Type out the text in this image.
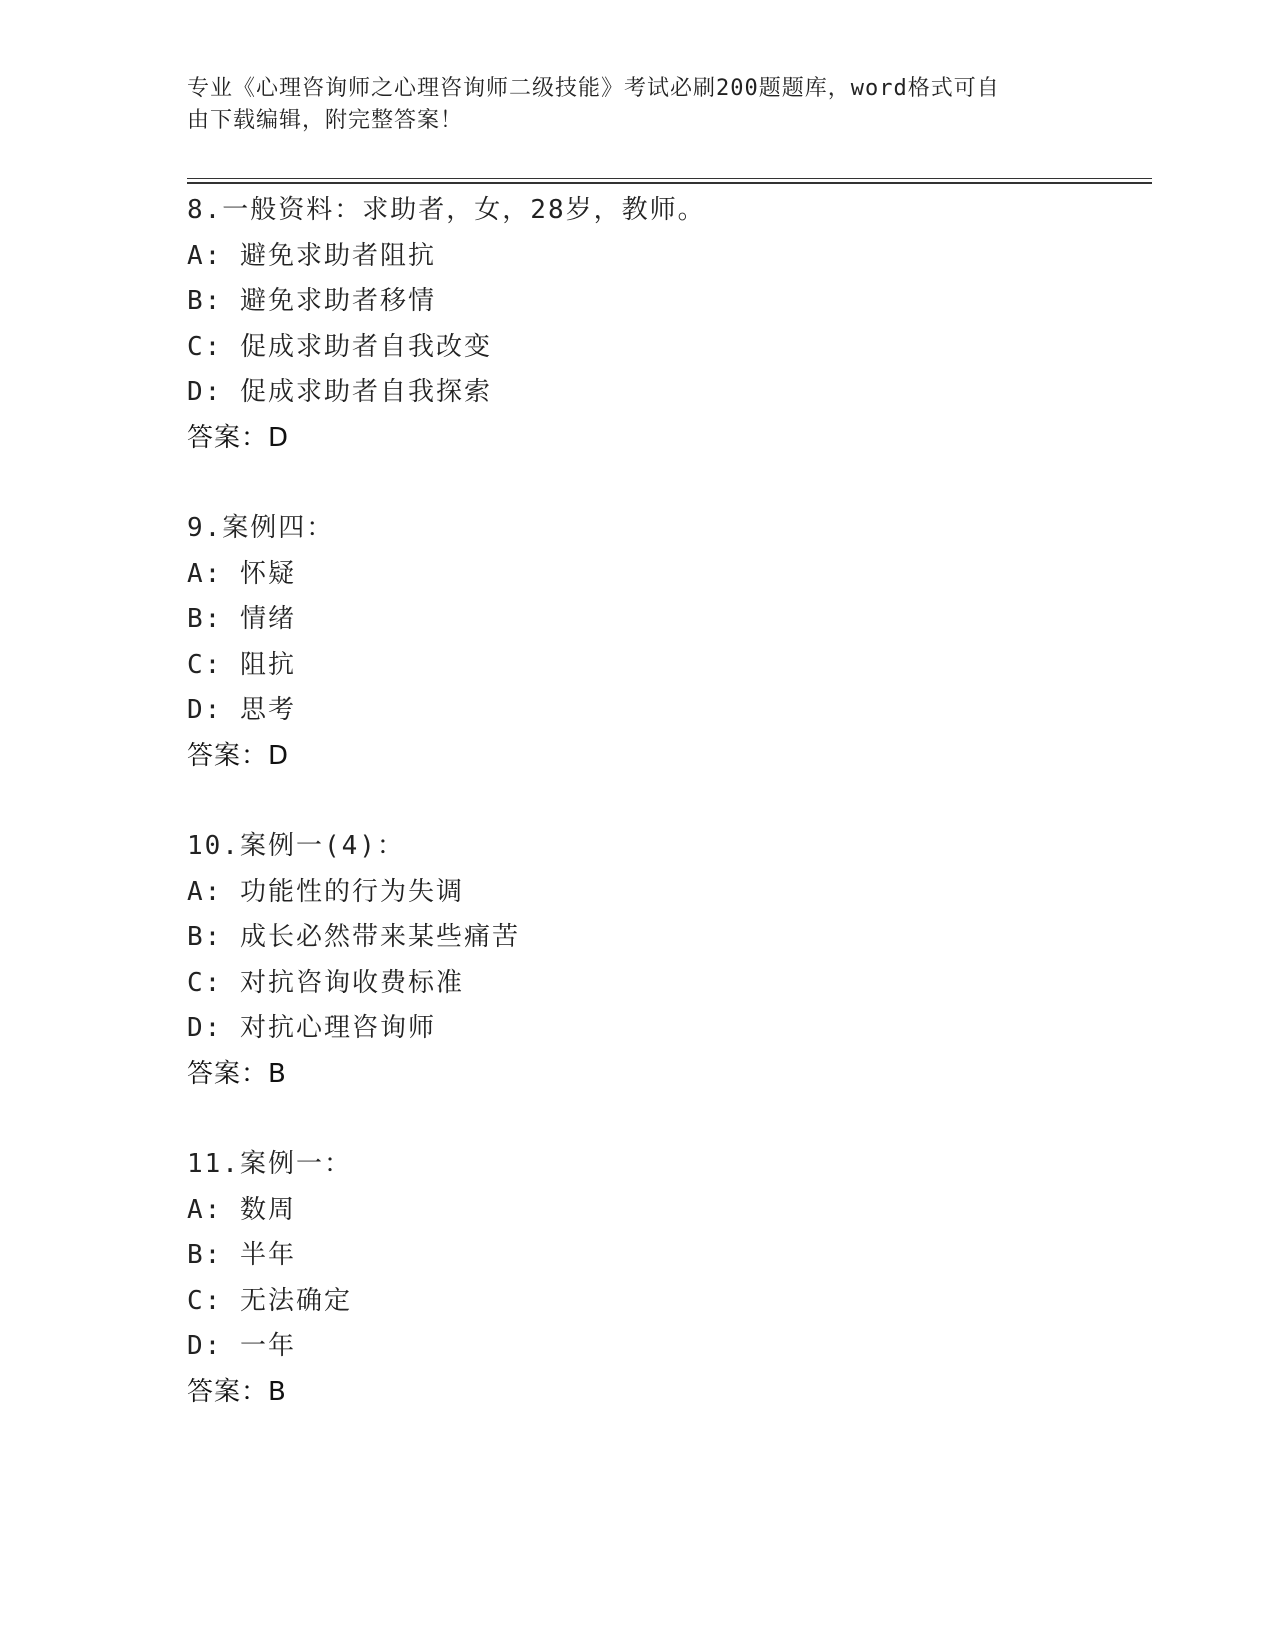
专业《心理咨询师之心理咨询师二级技能》考试必刷200题题库，word格式可自
由下载编辑，附完整答案！
8.一般资料：求助者，女，28岁，教师。
A: 避免求助者阻抗
B: 避免求助者移情
C: 促成求助者自我改变
D: 促成求助者自我探索
答案：D
9.案例四：
A: 怀疑
B: 情绪
C: 阻抗
D: 思考
答案：D
10.案例一(4)：
A: 功能性的行为失调
B: 成长必然带来某些痛苦
C: 对抗咨询收费标准
D: 对抗心理咨询师
答案：B
11.案例一：
A: 数周
B: 半年
C: 无法确定
D: 一年
答案：B
